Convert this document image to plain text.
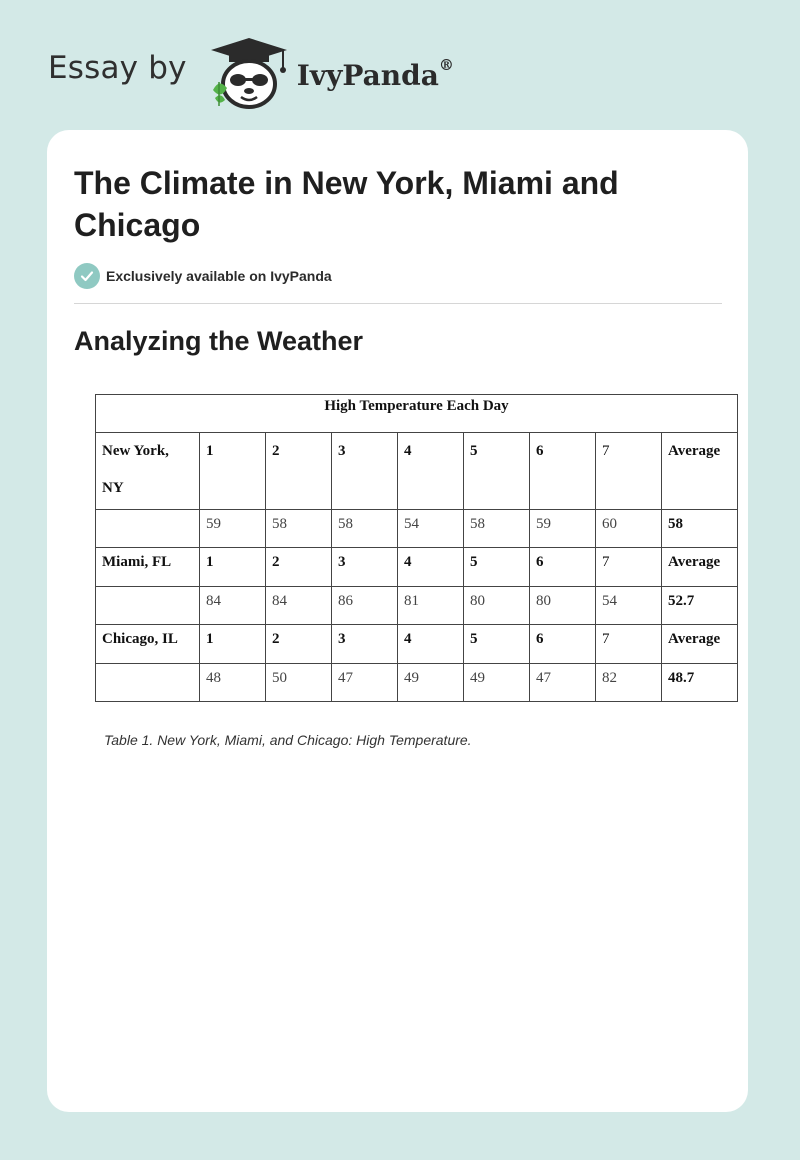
Essay by	IvyPanda®
The Climate in New York, Miami and Chicago
Exclusively available on IvyPanda
Analyzing the Weather
High Temperature Each Day								
New York,
NY	1	2	3	4	5	6	7	Average
	59	58	58	54	58	59	60	58
Miami, FL	1	2	3	4	5	6	7	Average
	84	84	86	81	80	80	54	52.7
Chicago, IL	1	2	3	4	5	6	7	Average
	48	50	47	49	49	47	82	48.7
Table 1. New York, Miami, and Chicago: High Temperature.
